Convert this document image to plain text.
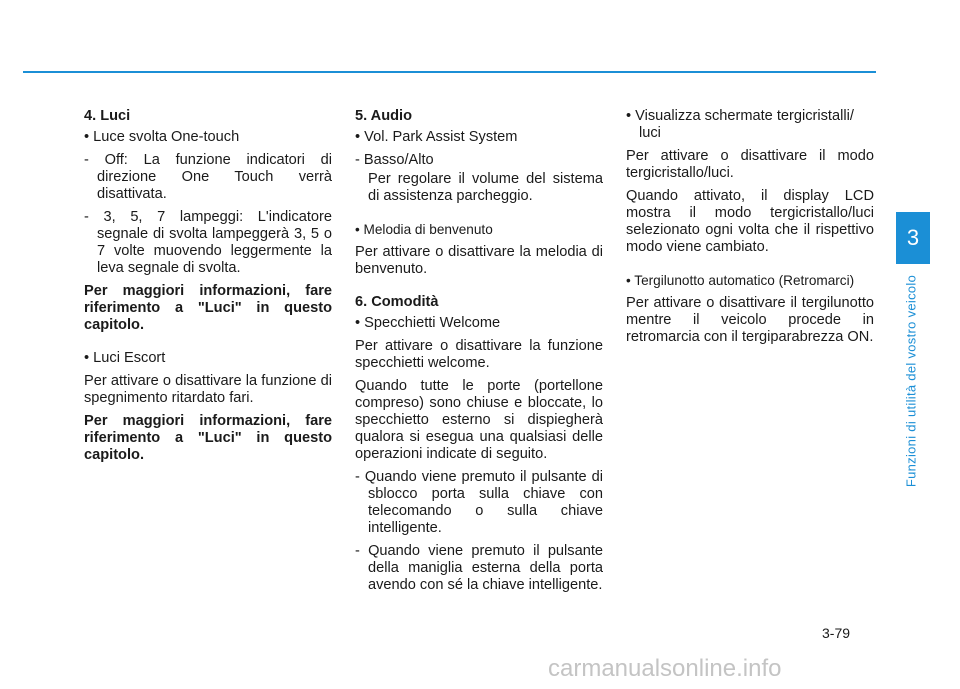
4. Luci

• Luce svolta One-touch

- Off: La funzione indicatori di direzione One Touch verrà disattivata.

- 3, 5, 7 lampeggi: L'indicatore segnale di svolta lampeggerà 3, 5 o 7 volte muovendo leggermente la leva segnale di svolta.

Per maggiori informazioni, fare riferimento a "Luci" in questo capitolo.

• Luci Escort

Per attivare o disattivare la funzione di spegnimento ritardato fari.

Per maggiori informazioni, fare riferimento a "Luci" in questo capitolo.

5. Audio

• Vol. Park Assist System

- Basso/Alto

Per regolare il volume del sistema di assistenza parcheggio.

• Melodia di benvenuto

Per attivare o disattivare la melodia di benvenuto.

6. Comodità

• Specchietti Welcome

Per attivare o disattivare la funzione specchietti welcome.

Quando tutte le porte (portellone compreso) sono chiuse e bloccate, lo specchietto esterno si dispiegherà qualora si esegua una qualsiasi delle operazioni indicate di seguito.

- Quando viene premuto il pulsante di sblocco porta sulla chiave con telecomando o sulla chiave intelligente.

- Quando viene premuto il pulsante della maniglia esterna della porta avendo con sé la chiave intelligente.

• Visualizza schermate tergicristalli/ luci

Per attivare o disattivare il modo tergicristallo/luci.

Quando attivato, il display LCD mostra il modo tergicristallo/luci selezionato ogni volta che il rispettivo modo viene cambiato.

• Tergilunotto automatico (Retromarci)

Per attivare o disattivare il tergilunotto mentre il veicolo procede in retromarcia con il tergiparabrezza ON.

3
Funzioni di utilità del vostro veicolo
3-79
carmanualsonline.info
